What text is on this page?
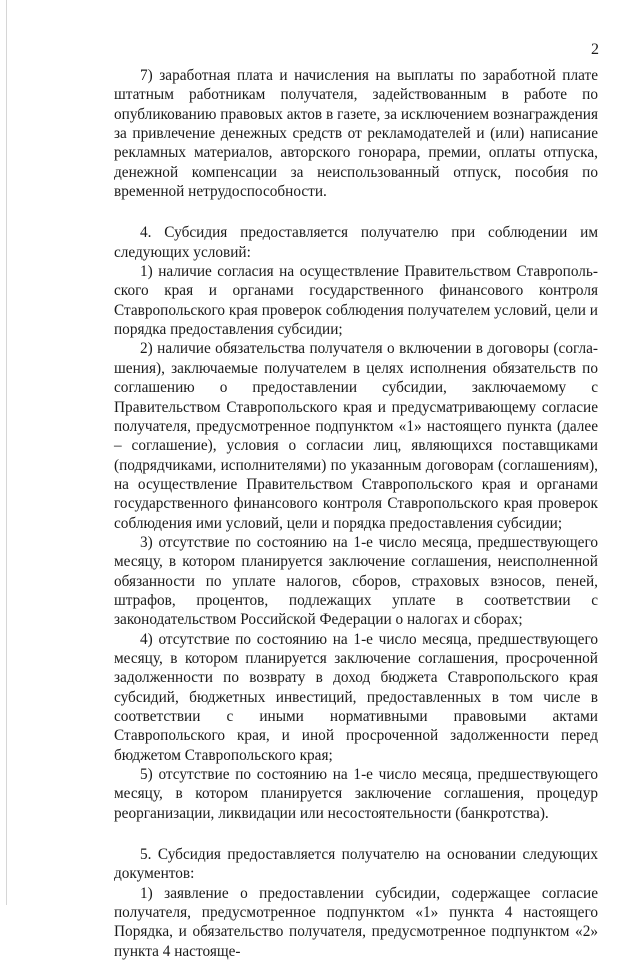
2

7) заработная плата и начисления на выплаты по заработной плате штатным работникам получателя, задействованным в работе по опубликованию правовых актов в газете, за исключением вознаграждения за привлечение денежных средств от рекламодателей и (или) написание рекламных материалов, авторского гонорара, премии, оплаты отпуска, денежной компенсации за неиспользованный отпуск, пособия по временной нетрудоспособности.

4. Субсидия предоставляется получателю при соблюдении им следующих условий:

1) наличие согласия на осуществление Правительством Ставропольского края и органами государственного финансового контроля Ставропольского края проверок соблюдения получателем условий, цели и порядка предоставления субсидии;

2) наличие обязательства получателя о включении в договоры (соглашения), заключаемые получателем в целях исполнения обязательств по соглашению о предоставлении субсидии, заключаемому с Правительством Ставропольского края и предусматривающему согласие получателя, предусмотренное подпунктом «1» настоящего пункта (далее – соглашение), условия о согласии лиц, являющихся поставщиками (подрядчиками, исполнителями) по указанным договорам (соглашениям), на осуществление Правительством Ставропольского края и органами государственного финансового контроля Ставропольского края проверок соблюдения ими условий, цели и порядка предоставления субсидии;

3) отсутствие по состоянию на 1-е число месяца, предшествующего месяцу, в котором планируется заключение соглашения, неисполненной обязанности по уплате налогов, сборов, страховых взносов, пеней, штрафов, процентов, подлежащих уплате в соответствии с законодательством Российской Федерации о налогах и сборах;

4) отсутствие по состоянию на 1-е число месяца, предшествующего месяцу, в котором планируется заключение соглашения, просроченной задолженности по возврату в доход бюджета Ставропольского края субсидий, бюджетных инвестиций, предоставленных в том числе в соответствии с иными нормативными правовыми актами Ставропольского края, и иной просроченной задолженности перед бюджетом Ставропольского края;

5) отсутствие по состоянию на 1-е число месяца, предшествующего месяцу, в котором планируется заключение соглашения, процедур реорганизации, ликвидации или несостоятельности (банкротства).

5. Субсидия предоставляется получателю на основании следующих документов:

1) заявление о предоставлении субсидии, содержащее согласие получателя, предусмотренное подпунктом «1» пункта 4 настоящего Порядка, и обязательство получателя, предусмотренное подпунктом «2» пункта 4 настояще-
